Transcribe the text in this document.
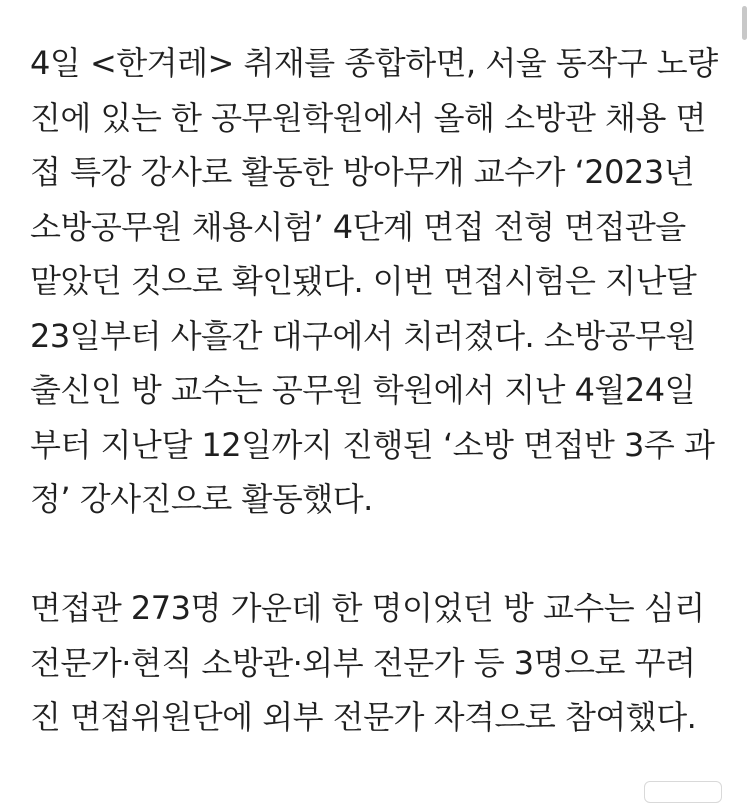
4일 <한겨레> 취재를 종합하면, 서울 동작구 노량
진에 있는 한 공무원학원에서 올해 소방관 채용 면
접 특강 강사로 활동한 방아무개 교수가 ‘2023년
소방공무원 채용시험’ 4단계 면접 전형 면접관을
맡았던 것으로 확인됐다. 이번 면접시험은 지난달
23일부터 사흘간 대구에서 치러졌다. 소방공무원
출신인 방 교수는 공무원 학원에서 지난 4월24일
부터 지난달 12일까지 진행된 ‘소방 면접반 3주 과
정’ 강사진으로 활동했다.

면접관 273명 가운데 한 명이었던 방 교수는 심리
전문가·현직 소방관·외부 전문가 등 3명으로 꾸려
진 면접위원단에 외부 전문가 자격으로 참여했다.
